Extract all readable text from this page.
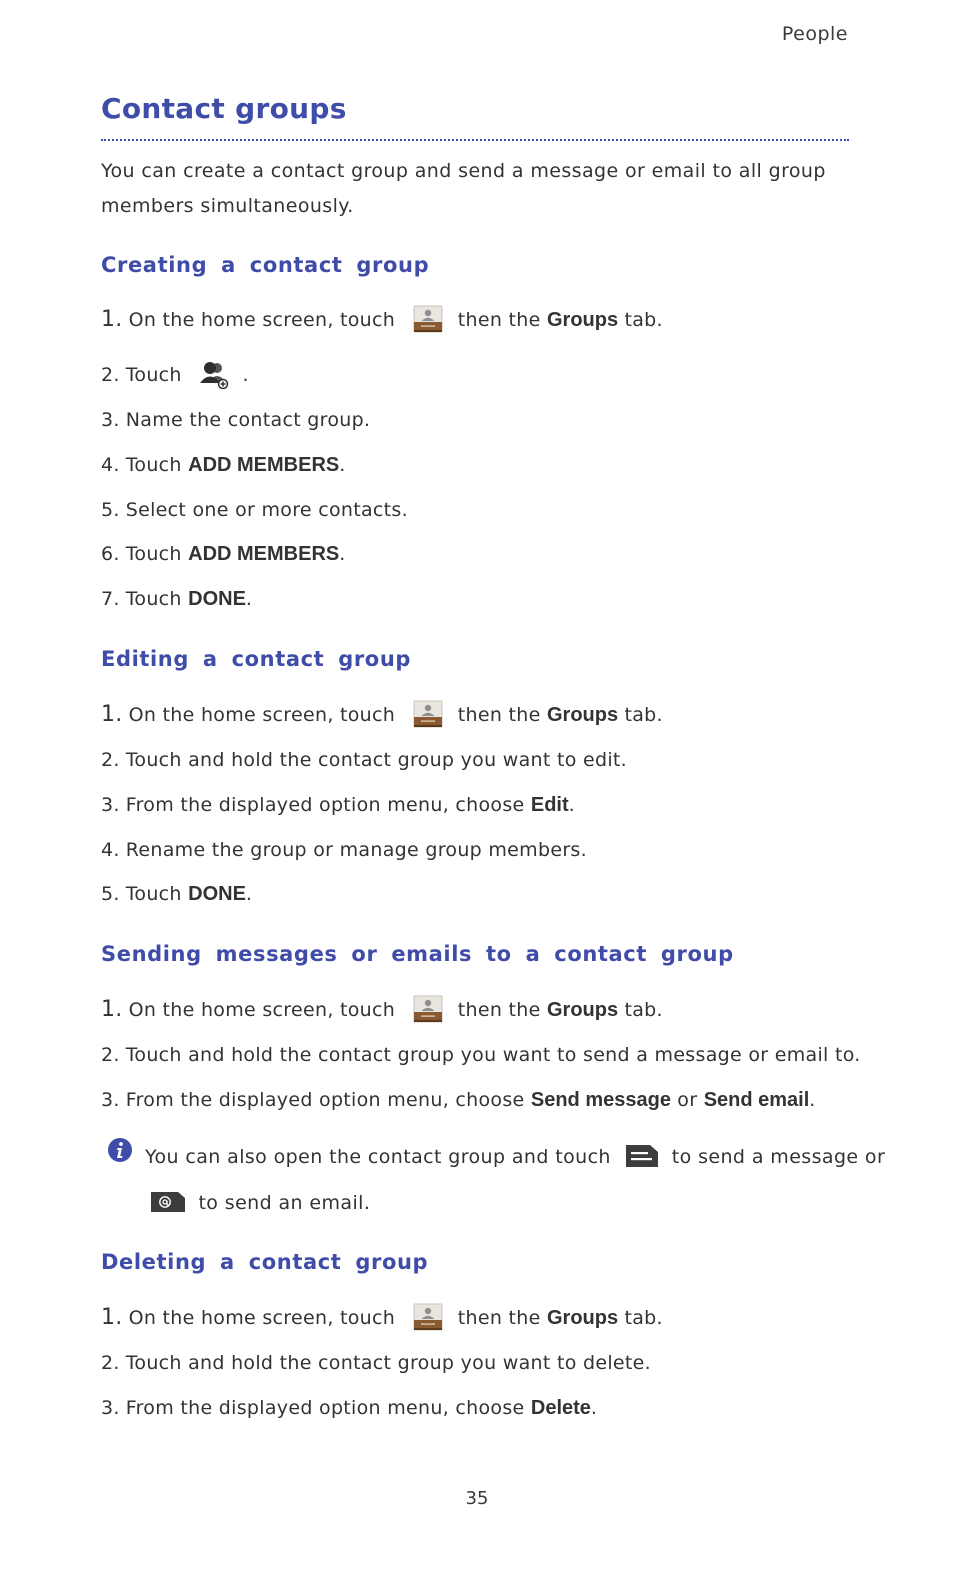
People
Contact groups

You can create a contact group and send a message or email to all group members simultaneously.

Creating a contact group
1. On the home screen, touch	then the Groups tab.
2. Touch	.
3. Name the contact group.
4. Touch ADD MEMBERS.
5. Select one or more contacts.
6. Touch ADD MEMBERS.
7. Touch DONE.
Editing a contact group
1. On the home screen, touch	then the Groups tab.
2. Touch and hold the contact group you want to edit.
3. From the displayed option menu, choose Edit.
4. Rename the group or manage group members.
5. Touch DONE.
Sending messages or emails to a contact group
1. On the home screen, touch	then the Groups tab.
2. Touch and hold the contact group you want to send a message or email to.
3. From the displayed option menu, choose Send message or Send email.
You can also open the contact group and touch	to send a message or
to send an email.
Deleting a contact group
1. On the home screen, touch	then the Groups tab.
2. Touch and hold the contact group you want to delete.
3. From the displayed option menu, choose Delete.
35
